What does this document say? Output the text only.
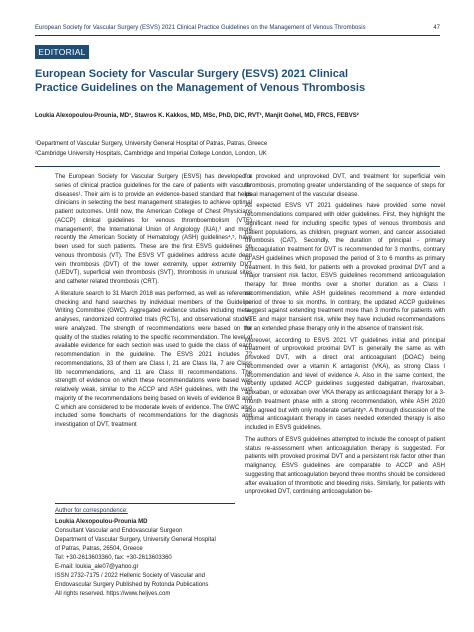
European Society for Vascular Surgery (ESVS) 2021 Clinical Practice Guidelines on the Management of Venous Thrombosis	47
EDITORIAL
European Society for Vascular Surgery (ESVS) 2021 Clinical
Practice Guidelines on the Management of Venous Thrombosis
Loukia Alexopoulou-Prounia, MD¹, Stavros K. Kakkos, MD, MSc, PhD, DIC, RVT¹, Manjit Gohel, MD, FRCS, FEBVS²
¹Department of Vascular Surgery, University General Hospital of Patras, Patras, Greece
²Cambridge University Hospitals, Cambridge and Imperial College London, London, UK

The European Society for Vascular Surgery (ESVS) has developed a series of clinical practice guidelines for the care of patients with vascular diseases¹. Their aim is to provide an evidence-based standard that helps clinicians in selecting the best management strategies to achieve optimal patient outcomes. Until now, the American College of Chest Physicians (ACCP) clinical guidelines for venous thromboembolism (VTE) management², the International Union of Angiology (IUA),³ and more recently the American Society of Hematology (ASH) guidelines⁴,⁵, have been used for such patients. These are the first ESVS guidelines on venous thrombosis (VT). The ESVS VT guidelines address acute deep vein thrombosis (DVT) of the lower extremity, upper extremity DVT (UEDVT), superficial vein thrombosis (SVT), thrombosis in unusual sites and catheter related thrombosis (CRT).

A literature search to 31 March 2018 was performed, as well as reference checking and hand searches by individual members of the Guideline Writing Committee (GWC). Aggregated evidence studies including meta-analyses, randomized controlled trials (RCTs), and observational studies were analyzed. The strength of recommendations were based on the quality of the studies relating to the specific recommendation. The level of available evidence for each section was used to guide the class of each recommendation in the guideline. The ESVS 2021 includes 72 recommendations, 33 of them are Class I, 21 are Class IIa, 7 are Class IIb recommendations, and 11 are Class III recommendations. The strength of evidence on which these recommendations were based was relatively weak, similar to the ACCP and ASH guidelines, with the vast majority of the recommendations being based on levels of evidence B and C which are considered to be moderate levels of evidence. The GWC also included some flowcharts of recommendations for the diagnosis and investigation of DVT, treatment

Author for correspondence:
Loukia Alexopoulou-Prounia MD
Consultant Vascular and Endovascular Surgeon
Department of Vascular Surgery, University General Hospital
of Patras, Patras, 26504, Greece
Tel: +30-2613603360, fax: +30-2613603360
E-mail: loukia_ale07@yahoo.gr
ISSN 2732-7175 / 2022 Hellenic Society of Vascular and
Endovascular Surgery Published by Rotonda Publications
All rights reserved. https://www.heljves.com

for provoked and unprovoked DVT, and treatment for superficial vein thrombosis, promoting greater understanding of the sequence of steps for ideal management of the vascular disease.

As expected ESVS VT 2021 guidelines have provided some novel recommendations compared with older guidelines. First, they highlight the significant need for including specific types of venous thrombosis and patient populations, as children, pregnant women, and cancer associated thrombosis (CAT). Secondly, the duration of principal - primary anticoagulation treatment for DVT is recommended for 3 months, contrary to ASH guidelines which proposed the period of 3 to 6 months as primary treatment. In this field, for patients with a provoked proximal DVT and a major transient risk factor, ESVS guidelines recommend anticoagulation therapy for three months over a shorter duration as a Class I recommendation, while ASH guidelines recommend a more extended period of three to six months. In contrary, the updated ACCP guidelines suggest against extending treatment more than 3 months for patients with VTE and major transient risk, while they have included recommendations for an extended phase therapy only in the absence of transient risk.

Moreover, according to ESVS 2021 VT guidelines initial and principal treatment of unprovoked proximal DVT is generally the same as with provoked DVT, with a direct oral anticoagulant (DOAC) being recommended over a vitamin K antagonist (VKA), as strong Class I recommendation and level of evidence A. Also in the same context, the recently updated ACCP guidelines suggested dabigatran, rivaroxaban, apixaban, or edoxaban over VKA therapy as anticoagulant therapy for a 3-month treatment phase with a strong recommendation, while ASH 2020 also agreed but with only moderate certainty⁵. A thorough discussion of the optimal anticoagulant therapy in cases needed extended therapy is also included in ESVS guidelines.

The authors of ESVS guidelines attempted to include the concept of patient status re-assessment when anticoagulation therapy is suggested. For patients with provoked proximal DVT and a persistent risk factor other than malignancy, ESVS guidelines are comparable to ACCP and ASH suggesting that anticoagulation beyond three months should be considered after evaluation of thrombotic and bleeding risks. Similarly, for patients with unprovoked DVT, continuing anticoagulation be-
